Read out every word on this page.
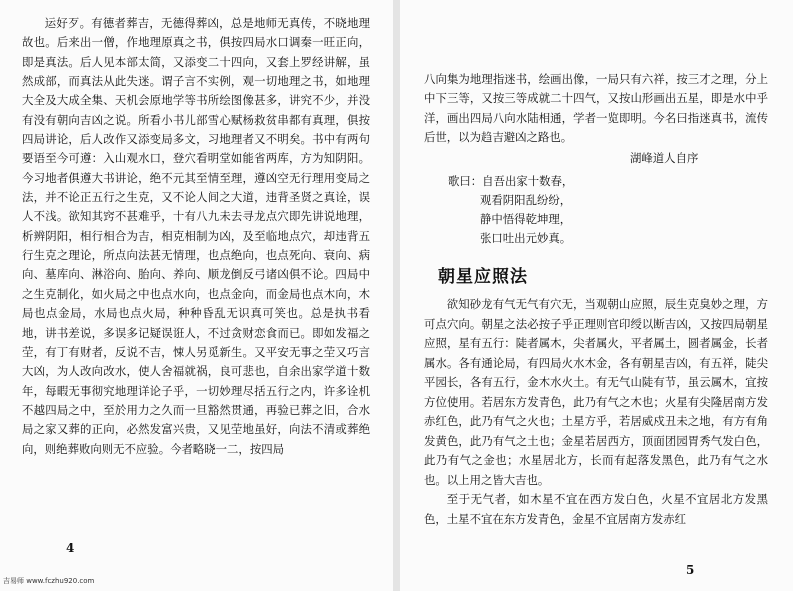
运好歹。有德者葬吉，无德得葬凶，总是地师无真传，不晓地理故也。后来出一僧，作地理原真之书，俱按四局水口调秦一旺正向，即是真法。后人见本部太简，又添变二十四向，又套上罗经讲解，虽然成部，而真法从此失迷。谓子言不实例，观一切地理之书，如地理大全及大成全集、天机会原地学等书所绘图像甚多，讲究不少，并没有没有朝向吉凶之说。所看小书儿部雪心赋杨救贫串都有真理，俱按四局讲论，后人改作又添变局多文，习地理者又不明矣。书中有两句要语至今可遵：入山观水口，登穴看明堂如能省两库，方为知阴阳。今习地者俱遵大书讲论，绝不元其至情至理，遵凶空无行理用变局之法，并不论正五行之生克，又不论人间之大道，违背圣贤之真诠，误人不浅。欲知其窍不甚难乎，十有八九未去寻龙点穴即先讲说地理，析辨阴阳，相行相合为吉，相克相制为凶，及至临地点穴，却违背五行生克之理论，所点向法甚无情理，也点绝向，也点死向、衰向、病向、墓库向、淋浴向、胎向、养向、顺龙倒反弓诸凶俱不论。四局中之生克制化，如火局之中也点水向，也点金向，而金局也点木向，木局也点金局，水局也点火局，种种昏乱无识真可笑也。总是执书看地，讲书差说，多误多记疑误诳人，不过贪财恋食而已。即如发福之茔，有丁有财者，反说不吉，悚人另觅新生。又平安无事之茔又巧言大凶，为人改向改水，使人舍福就祸，良可悲也，自余出家学道十数年，每暇无事彻究地理详论子乎，一切妙理尽括五行之内，许多诠机不越四局之中，至於用力之久而一旦豁然贯通，再验已葬之旧，合水局之家又葬的正向，必然发富兴贵，又见茔地虽好，向法不清或葬绝向，则绝葬败向则无不应验。今者略晓一二，按四局
4
八向集为地理指迷书，绘画出像，一局只有六祥，按三才之理，分上中下三等，又按三等成就二十四气，又按山形画出五星，即是水中乎洋，画出四局八向水陆相通，学者一览即明。今名曰指迷真书，流传后世，以为趋吉避凶之路也。
湖峰道人自序
歌曰：自吾出家十数春，
观看阴阳乱纷纷，
静中悟得乾坤理，
张口吐出元妙真。
朝星应照法
欲知砂龙有气无气有穴无，当观朝山应照，辰生克臭妙之理，方可点穴向。朝星之法必按子乎正理则官印绶以断吉凶，又按四局朝星应照，星有五行：陡者属木，尖者属火，平者属土，圆者属金，长者属水。各有通论局，有四局火水木金，各有朝星吉凶，有五祥，陡尖平园长，各有五行，金木水火土。有无气山陡有节，虽云属木，宜按方位使用。若居东方发青色，此乃有气之木也；火星有尖隆居南方发赤红色，此乃有气之火也；土星方乎，若居威戍丑未之地，有方有角发黄色，此乃有气之土也；金星若居西方，顶面团园胃秀气发白色，此乃有气之金也；水星居北方，长而有起落发黑色，此乃有气之水也。以上用之皆大吉也。
至于无气者，如木星不宜在西方发白色，火星不宜居北方发黑色，土星不宜在东方发青色，金星不宜居南方发赤红
5
吉易师 www.fczhu920.com
